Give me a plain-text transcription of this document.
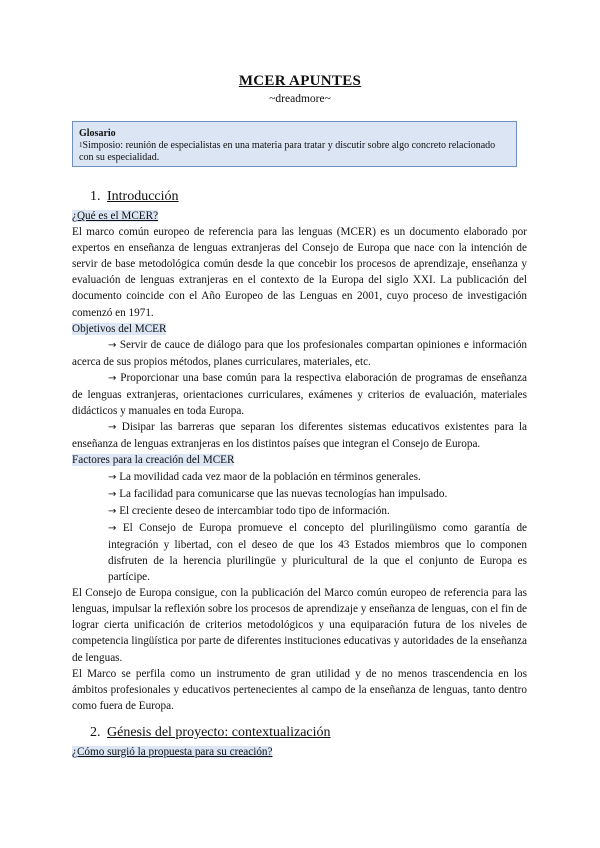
MCER APUNTES
~dreadmore~
Glosario
$^1$Simposio: reunión de especialistas en una materia para tratar y discutir sobre algo concreto relacionado con su especialidad.
1. Introducción

¿Qué es el MCER?

El marco común europeo de referencia para las lenguas (MCER) es un documento elaborado por expertos en enseñanza de lenguas extranjeras del Consejo de Europa que nace con la intención de servir de base metodológica común desde la que concebir los procesos de aprendizaje, enseñanza y evaluación de lenguas extranjeras en el contexto de la Europa del siglo XXI. La publicación del documento coincide con el Año Europeo de las Lenguas en 2001, cuyo proceso de investigación comenzó en 1971.

Objetivos del MCER

→ Servir de cauce de diálogo para que los profesionales compartan opiniones e información acerca de sus propios métodos, planes curriculares, materiales, etc.

→ Proporcionar una base común para la respectiva elaboración de programas de enseñanza de lenguas extranjeras, orientaciones curriculares, exámenes y criterios de evaluación, materiales didácticos y manuales en toda Europa.

→ Disipar las barreras que separan los diferentes sistemas educativos existentes para la enseñanza de lenguas extranjeras en los distintos países que integran el Consejo de Europa.

Factores para la creación del MCER

→ La movilidad cada vez maor de la población en términos generales.

→ La facilidad para comunicarse que las nuevas tecnologías han impulsado.

→ El creciente deseo de intercambiar todo tipo de información.

→ El Consejo de Europa promueve el concepto del plurilingüismo como garantía de integración y libertad, con el deseo de que los 43 Estados miembros que lo componen disfruten de la herencia plurilingüe y pluricultural de la que el conjunto de Europa es partícipe.

El Consejo de Europa consigue, con la publicación del Marco común europeo de referencia para las lenguas, impulsar la reflexión sobre los procesos de aprendizaje y enseñanza de lenguas, con el fin de lograr cierta unificación de criterios metodológicos y una equiparación futura de los niveles de competencia lingüística por parte de diferentes instituciones educativas y autoridades de la enseñanza de lenguas.

El Marco se perfila como un instrumento de gran utilidad y de no menos trascendencia en los ámbitos profesionales y educativos pertenecientes al campo de la enseñanza de lenguas, tanto dentro como fuera de Europa.

2. Génesis del proyecto: contextualización

¿Cómo surgió la propuesta para su creación?
